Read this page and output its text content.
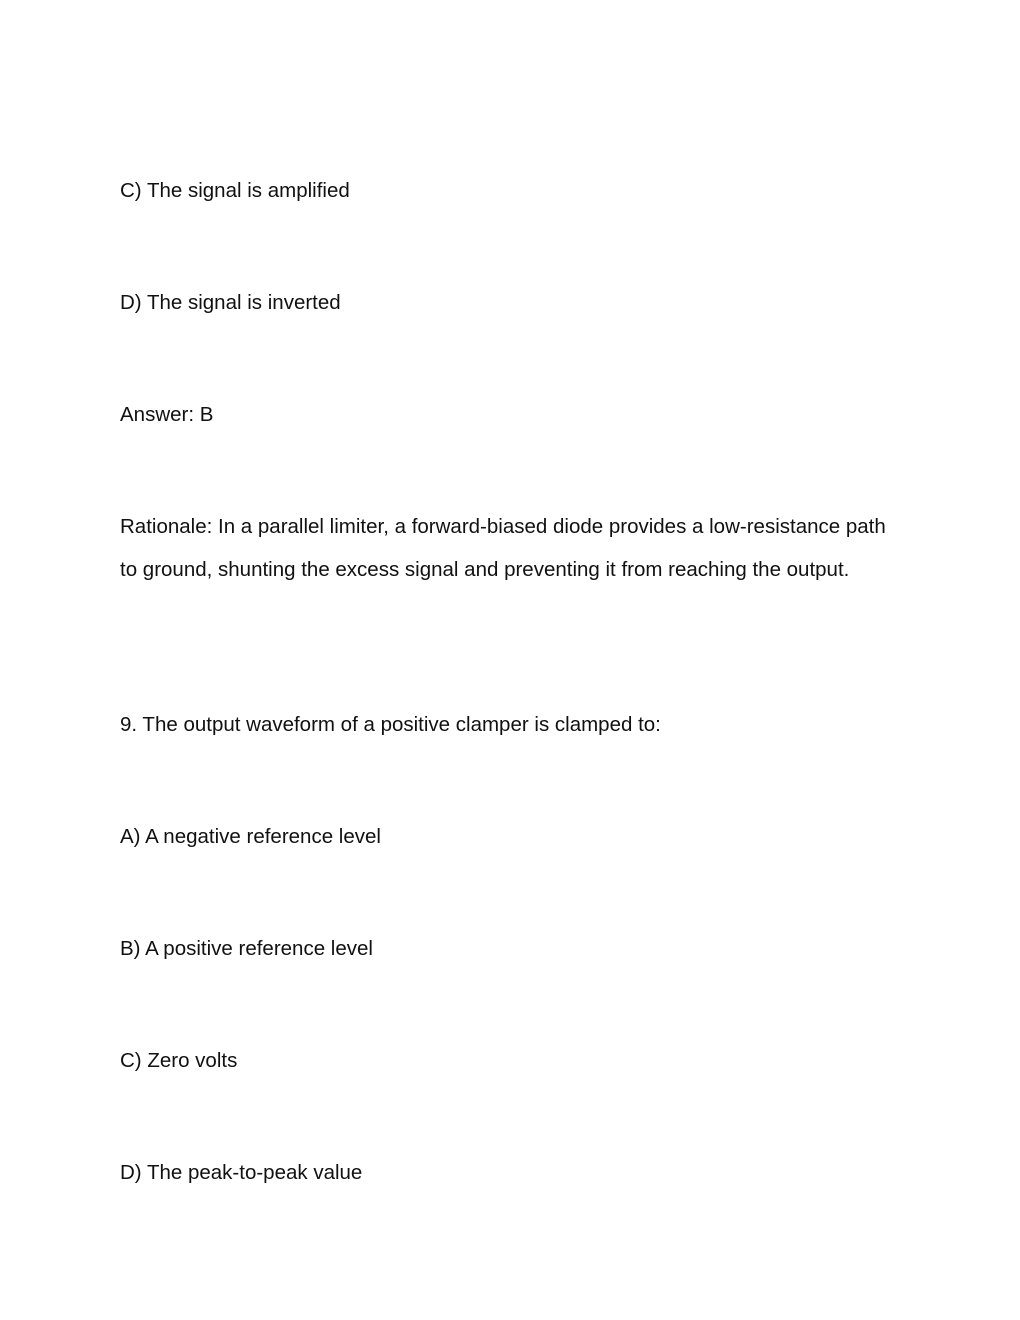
C) The signal is amplified
D) The signal is inverted
Answer: B
Rationale: In a parallel limiter, a forward-biased diode provides a low-resistance path to ground, shunting the excess signal and preventing it from reaching the output.
9. The output waveform of a positive clamper is clamped to:
A) A negative reference level
B) A positive reference level
C) Zero volts
D) The peak-to-peak value
